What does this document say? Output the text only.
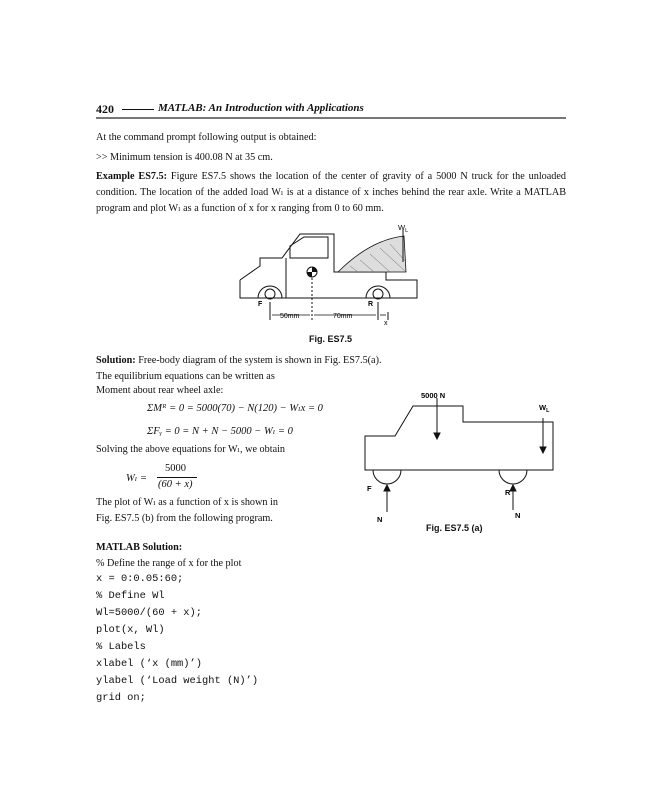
420	MATLAB: An Introduction with Applications
At the command prompt following output is obtained:
>> Minimum tension is 400.08 N at 35 cm.
Example ES7.5: Figure ES7.5 shows the location of the center of gravity of a 5000 N truck for the unloaded condition. The location of the added load Wₗ is at a distance of x inches behind the rear axle. Write a MATLAB program and plot Wₗ as a function of x for x ranging from 0 to 60 mm.
$W_L$
F	R
50mm	70mm
x
Fig. ES7.5
Solution: Free-body diagram of the system is shown in Fig. ES7.5(a).
The equilibrium equations can be written as
Moment about rear wheel axle:
ΣMᴿ = 0 = 5000(70) − N(120) − Wₗx = 0
ΣFᵧ = 0 = N + N − 5000 − Wₗ = 0
Solving the above equations for Wₗ, we obtain
Wₗ =
5000
(60 + x)
The plot of Wₗ as a function of x is shown in
Fig. ES7.5 (b) from the following program.
5000 N
$W_L$
F	R
N	N
Fig. ES7.5 (a)
MATLAB Solution:
% Define the range of x for the plot
x = 0:0.05:60;
% Define Wl
Wl=5000/(60 + x);
plot(x, Wl)
% Labels
xlabel (‘x (mm)’)
ylabel (‘Load weight (N)’)
grid on;
